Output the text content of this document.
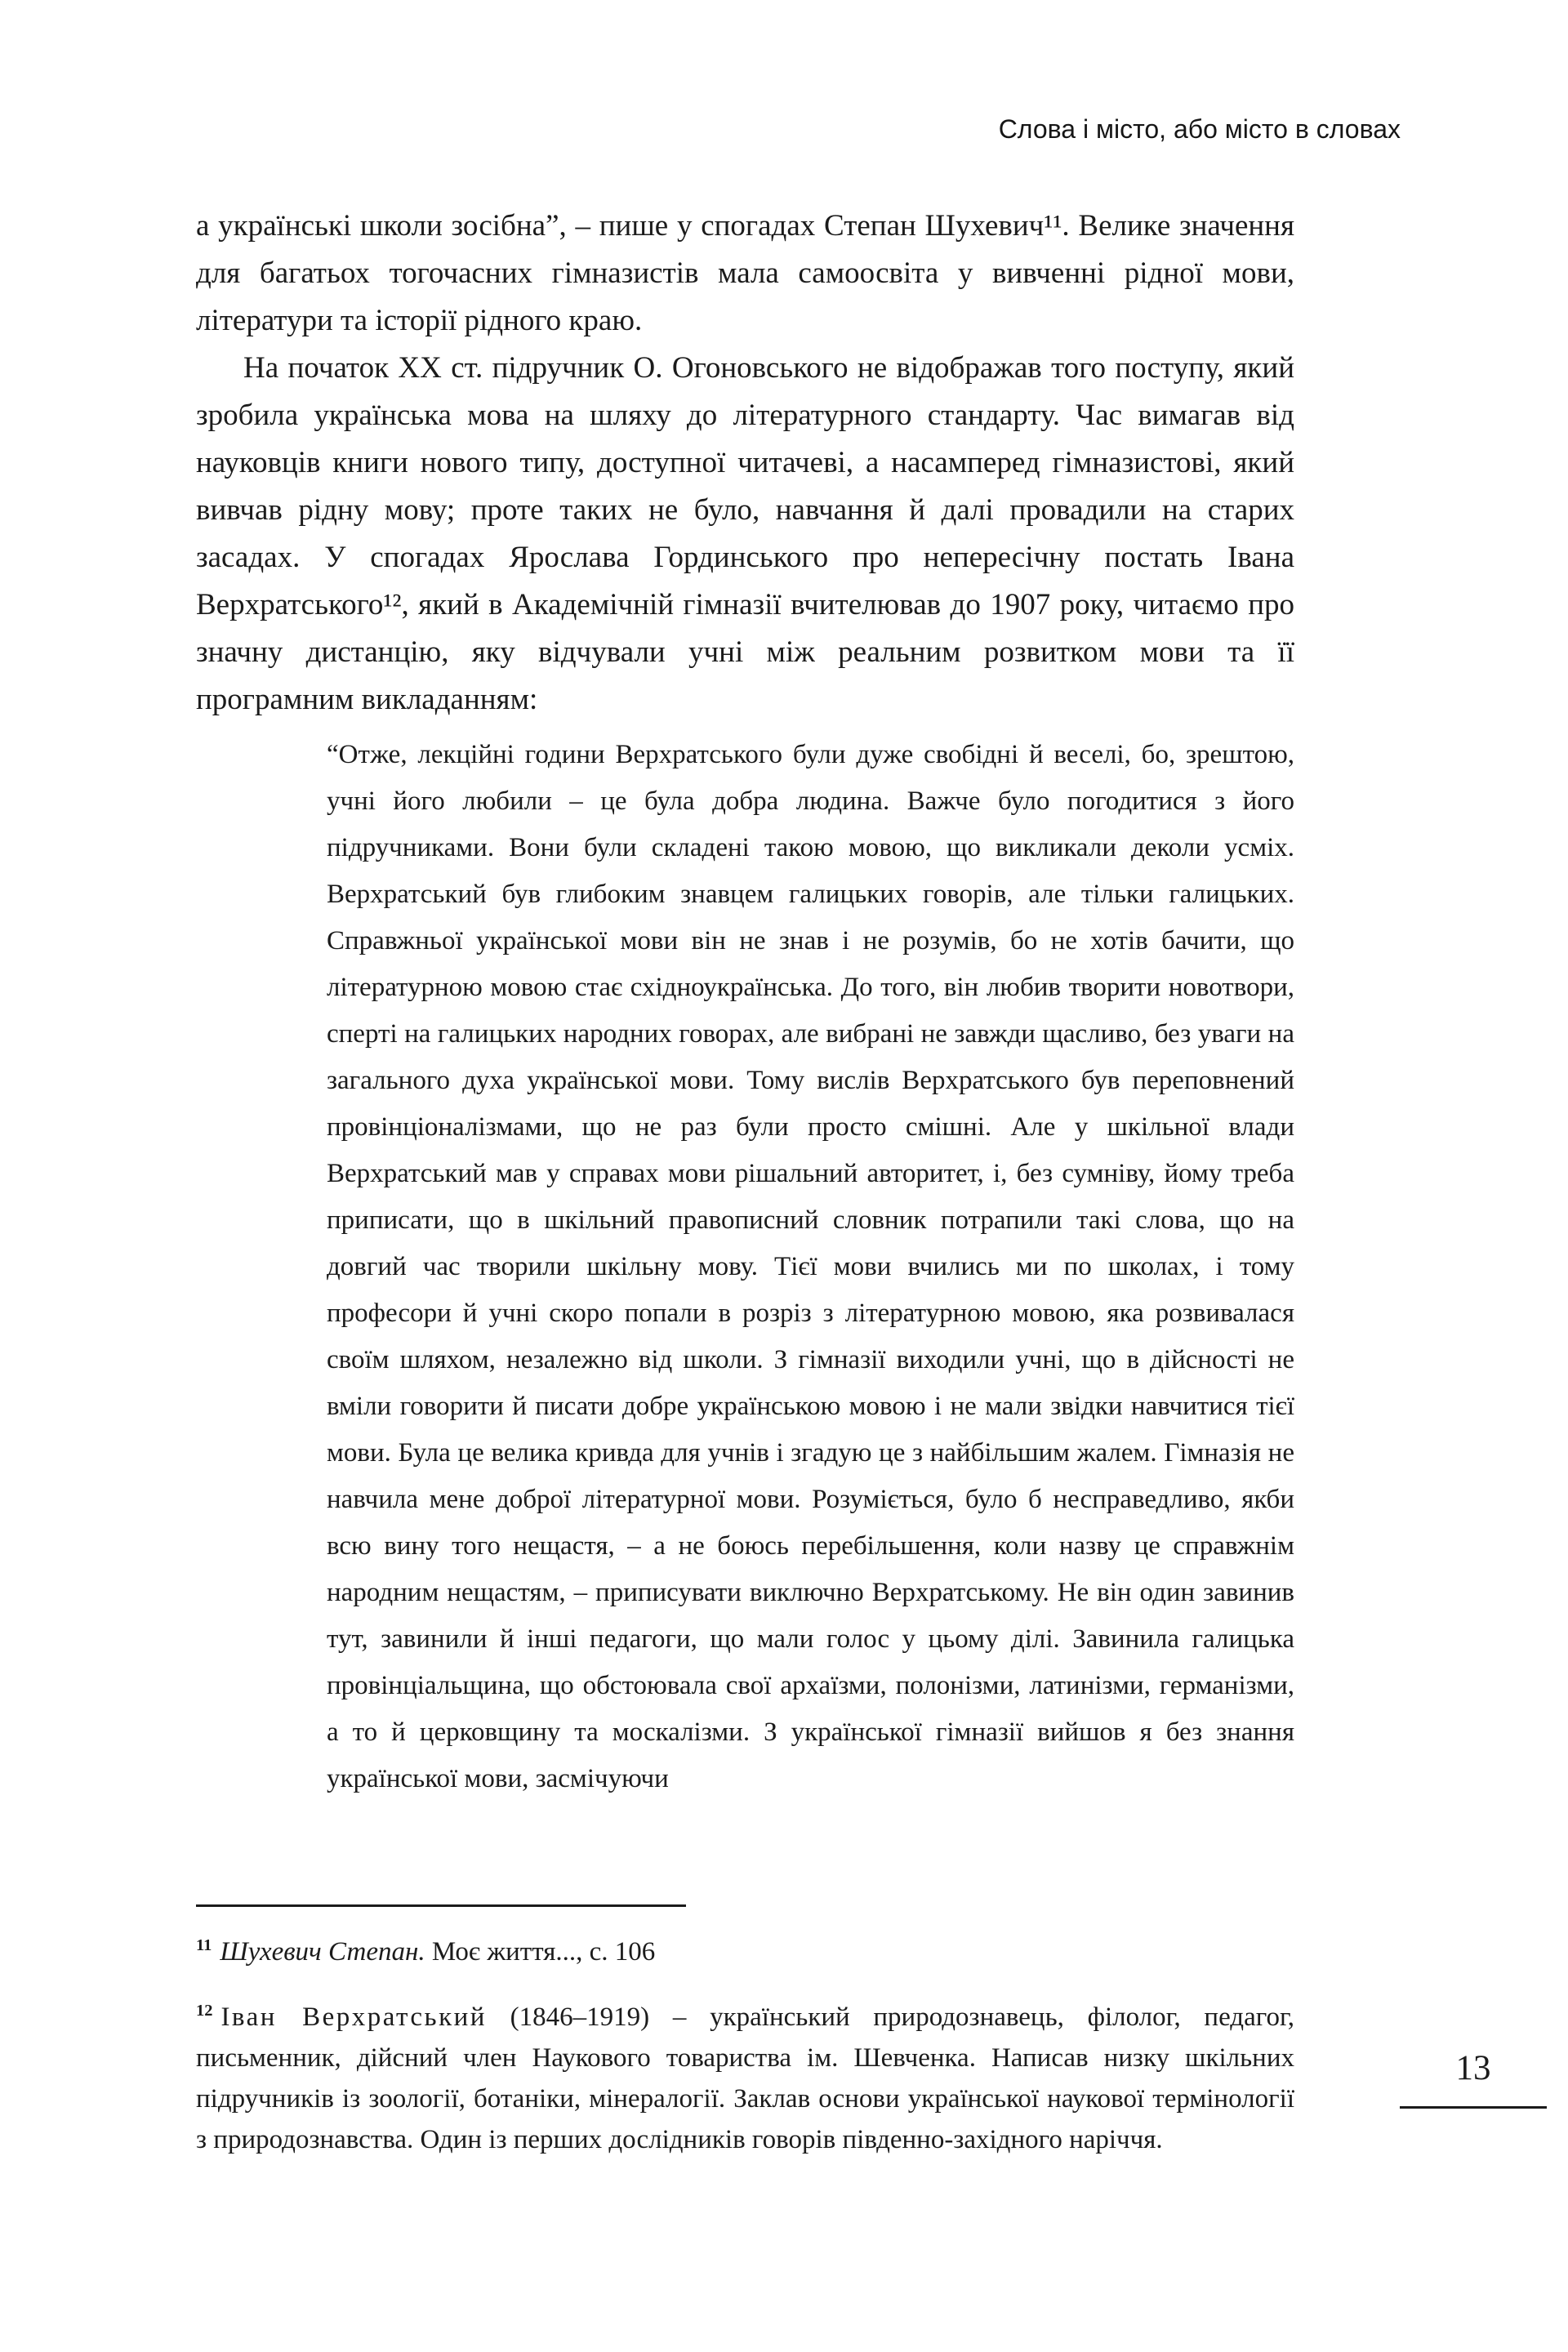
Слова і місто, або місто в словах

а українські школи зосібна”, – пише у спогадах Степан Шухевич¹¹. Велике значення для багатьох тогочасних гімназистів мала самоосвіта у вивченні рідної мови, літератури та історії рідного краю.

На початок XX ст. підручник О. Огоновського не відображав того поступу, який зробила українська мова на шляху до літературного стандарту. Час вимагав від науковців книги нового типу, доступної читачеві, а насамперед гімназистові, який вивчав рідну мову; проте таких не було, навчання й далі провадили на старих засадах. У спогадах Ярослава Гординського про непересічну постать Івана Верхратського¹², який в Академічній гімназії вчителював до 1907 року, читаємо про значну дистанцію, яку відчували учні між реальним розвитком мови та її програмним викладанням:

“Отже, лекційні години Верхратського були дуже свобідні й веселі, бо, зрештою, учні його любили – це була добра людина. Важче було погодитися з його підручниками. Вони були складені такою мовою, що викликали деколи усміх. Верхратський був глибоким знавцем галицьких говорів, але тільки галицьких. Справжньої української мови він не знав і не розумів, бо не хотів бачити, що літературною мовою стає східноукраїнська. До того, він любив творити новотвори, сперті на галицьких народних говорах, але вибрані не завжди щасливо, без уваги на загального духа української мови. Тому вислів Верхратського був переповнений провінціоналізмами, що не раз були просто смішні. Але у шкільної влади Верхратський мав у справах мови рішальний авторитет, і, без сумніву, йому треба приписати, що в шкільний правописний словник потрапили такі слова, що на довгий час творили шкільну мову. Тієї мови вчились ми по школах, і тому професори й учні скоро попали в розріз з літературною мовою, яка розвивалася своїм шляхом, незалежно від школи. З гімназії виходили учні, що в дійсності не вміли говорити й писати добре українською мовою і не мали звідки навчитися тієї мови. Була це велика кривда для учнів і згадую це з найбільшим жалем. Гімназія не навчила мене доброї літературної мови. Розуміється, було б несправедливо, якби всю вину того нещастя, – а не боюсь перебільшення, коли назву це справжнім народним нещастям, – приписувати виключно Верхратському. Не він один завинив тут, завинили й інші педагоги, що мали голос у цьому ділі. Завинила галицька провінціальщина, що обстоювала свої архаїзми, полонізми, латинізми, германізми, а то й церковщину та москалізми. З української гімназії вийшов я без знання української мови, засмічуючи

$^{11}$ Шухевич Степан. Моє життя..., с. 106

$^{12}$ Іван Верхратський (1846–1919) – український природознавець, філолог, педагог, письменник, дійсний член Наукового товариства ім. Шевченка. Написав низку шкільних підручників із зоології, ботаніки, мінералогії. Заклав основи української наукової термінології з природознавства. Один із перших дослідників говорів південно-західного наріччя.

13
